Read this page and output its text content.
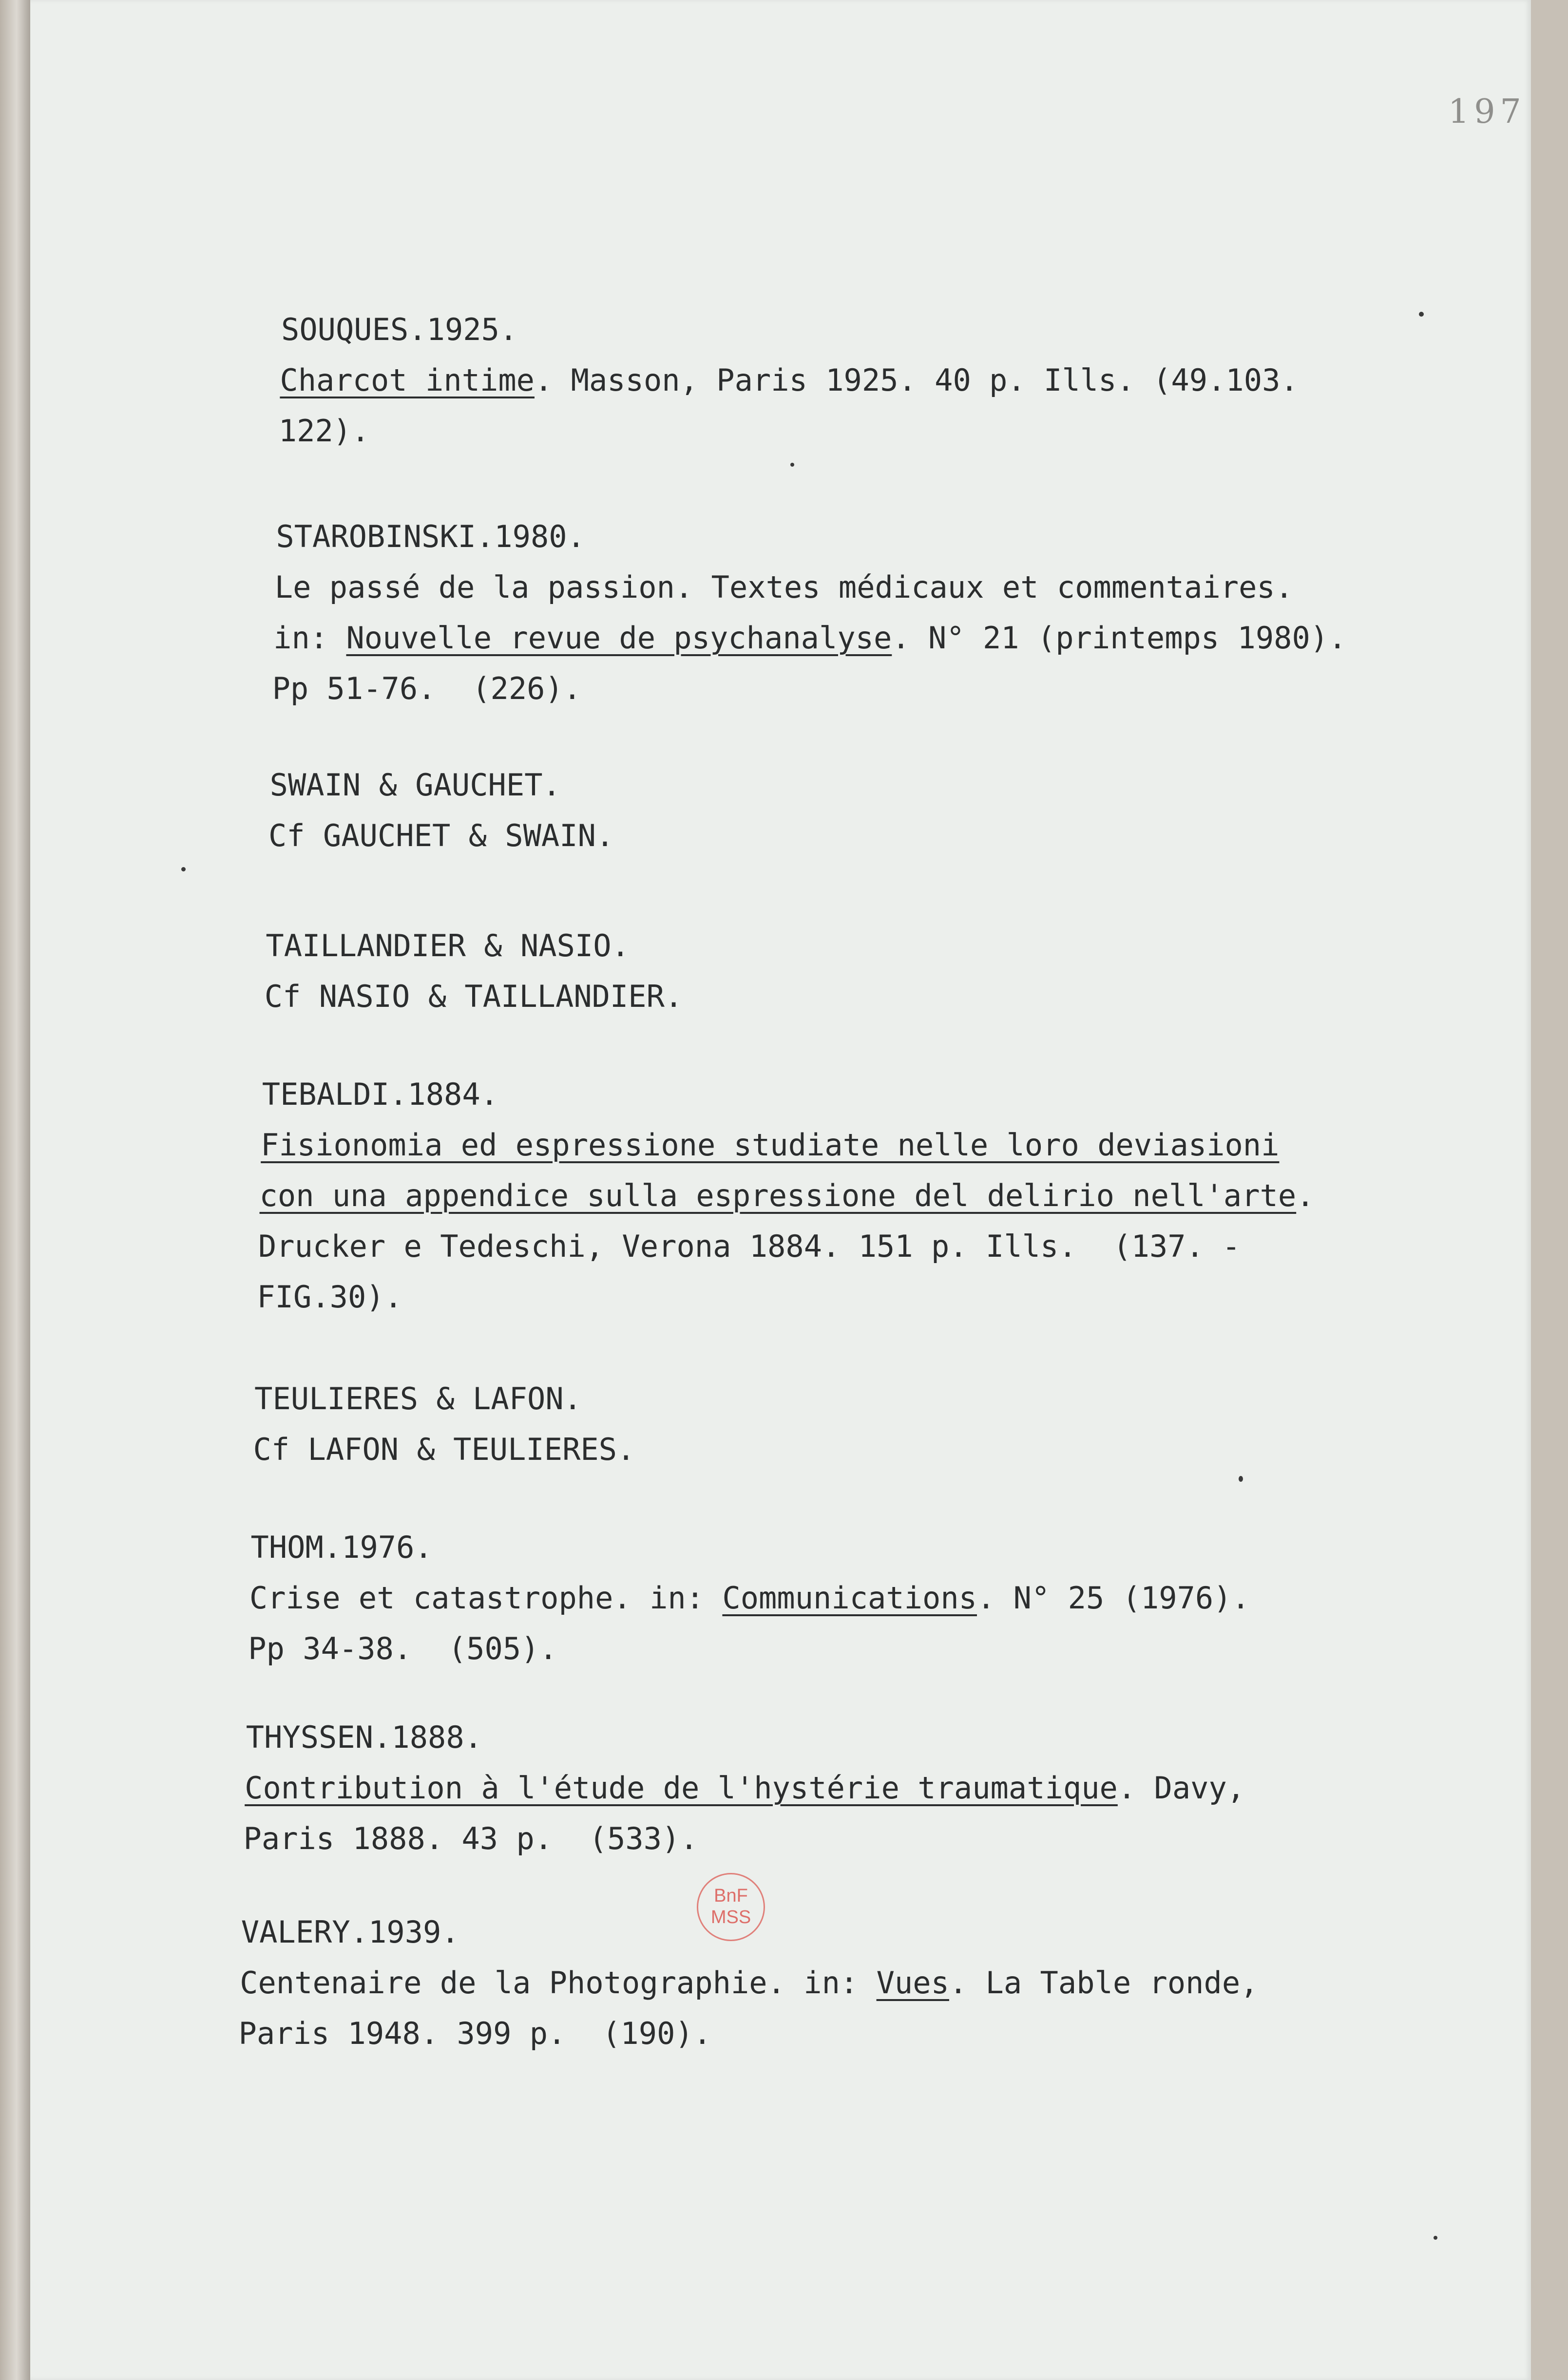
197
SOUQUES.1925.
Charcot intime. Masson, Paris 1925. 40 p. Ills. (49.103.
122).
STAROBINSKI.1980.
Le passé de la passion. Textes médicaux et commentaires.
in: Nouvelle revue de psychanalyse. N° 21 (printemps 1980).
Pp 51-76.  (226).
SWAIN & GAUCHET.
Cf GAUCHET & SWAIN.
TAILLANDIER & NASIO.
Cf NASIO & TAILLANDIER.
TEBALDI.1884.
Fisionomia ed espressione studiate nelle loro deviasioni
con una appendice sulla espressione del delirio nell'arte.
Drucker e Tedeschi, Verona 1884. 151 p. Ills.  (137. -
FIG.30).
TEULIERES & LAFON.
Cf LAFON & TEULIERES.
THOM.1976.
Crise et catastrophe. in: Communications. N° 25 (1976).
Pp 34-38.  (505).
THYSSEN.1888.
Contribution à l'étude de l'hystérie traumatique. Davy,
Paris 1888. 43 p.  (533).
VALERY.1939.
Centenaire de la Photographie. in: Vues. La Table ronde,
Paris 1948. 399 p.  (190).
BnF
MSS
